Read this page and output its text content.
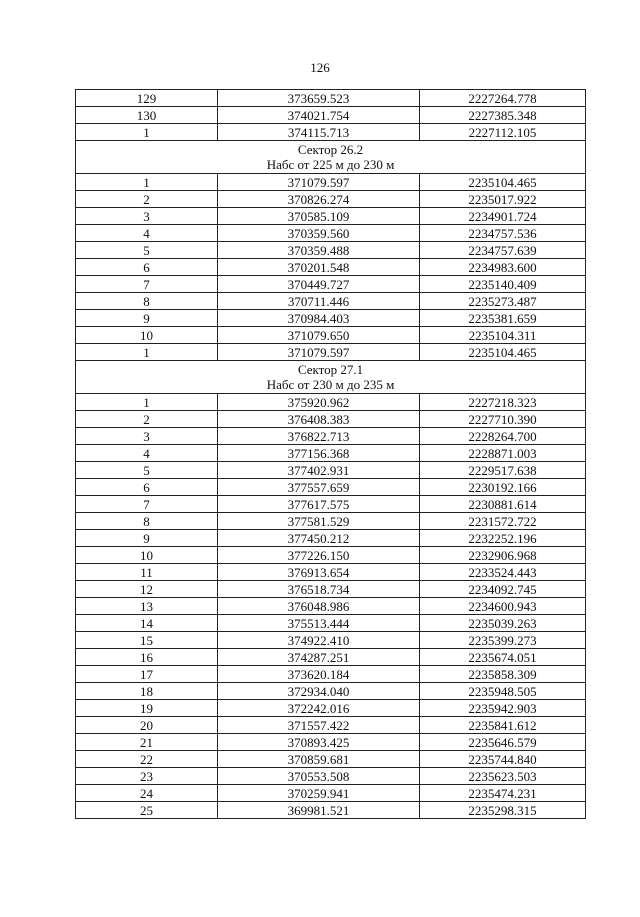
126
129	373659.523	2227264.778
130	374021.754	2227385.348
1	374115.713	2227112.105

Сектор 26.2
Набс от 225 м до 230 м		

1	371079.597	2235104.465
2	370826.274	2235017.922
3	370585.109	2234901.724
4	370359.560	2234757.536
5	370359.488	2234757.639
6	370201.548	2234983.600
7	370449.727	2235140.409
8	370711.446	2235273.487
9	370984.403	2235381.659
10	371079.650	2235104.311
1	371079.597	2235104.465

Сектор 27.1
Набс от 230 м до 235 м		

1	375920.962	2227218.323
2	376408.383	2227710.390
3	376822.713	2228264.700
4	377156.368	2228871.003
5	377402.931	2229517.638
6	377557.659	2230192.166
7	377617.575	2230881.614
8	377581.529	2231572.722
9	377450.212	2232252.196
10	377226.150	2232906.968
11	376913.654	2233524.443
12	376518.734	2234092.745
13	376048.986	2234600.943
14	375513.444	2235039.263
15	374922.410	2235399.273
16	374287.251	2235674.051
17	373620.184	2235858.309
18	372934.040	2235948.505
19	372242.016	2235942.903
20	371557.422	2235841.612
21	370893.425	2235646.579
22	370859.681	2235744.840
23	370553.508	2235623.503
24	370259.941	2235474.231
25	369981.521	2235298.315
